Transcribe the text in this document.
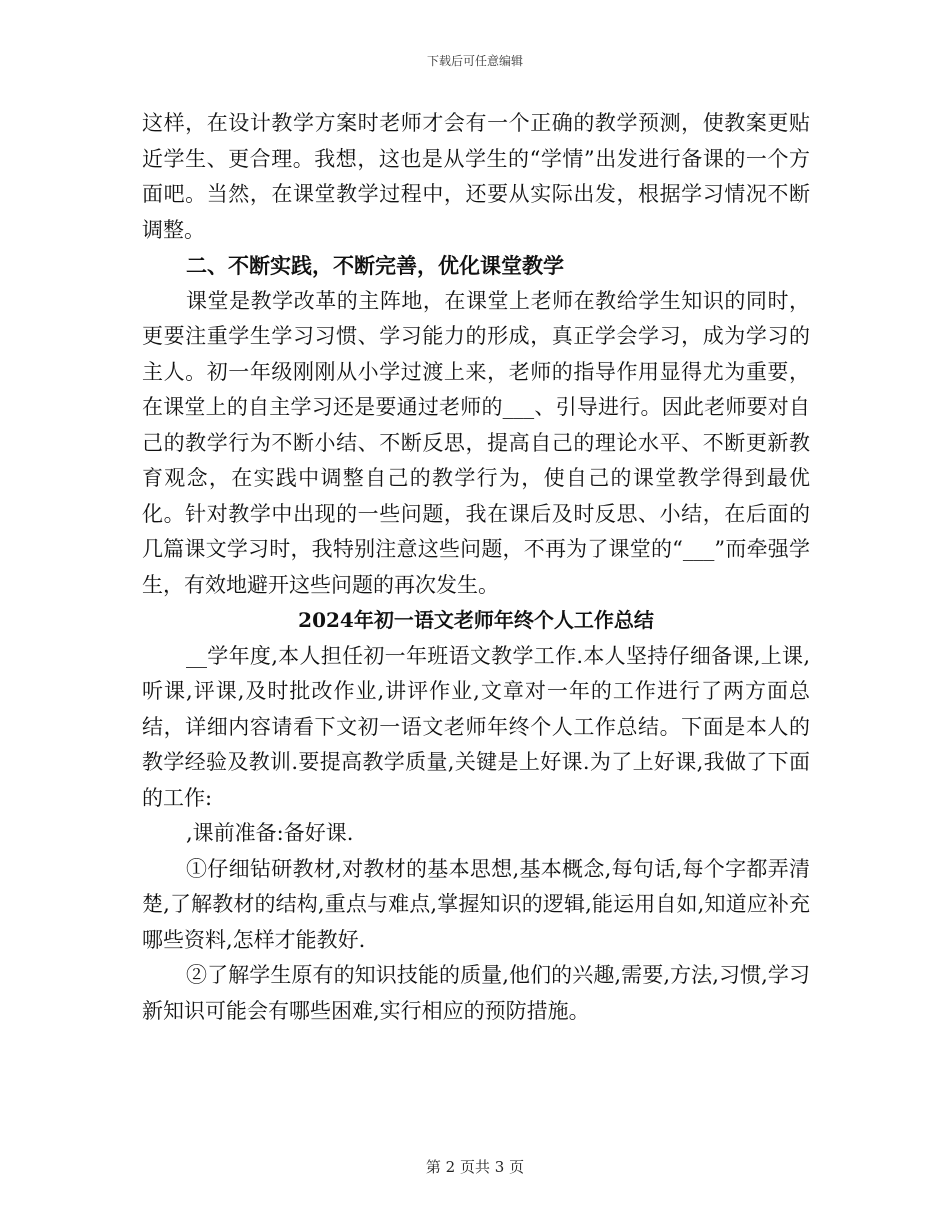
下载后可任意编辑

这样，在设计教学方案时老师才会有一个正确的教学预测，使教案更贴近学生、更合理。我想，这也是从学生的“学情”出发进行备课的一个方面吧。当然，在课堂教学过程中，还要从实际出发，根据学习情况不断调整。

二、不断实践，不断完善，优化课堂教学

课堂是教学改革的主阵地，在课堂上老师在教给学生知识的同时，更要注重学生学习习惯、学习能力的形成，真正学会学习，成为学习的主人。初一年级刚刚从小学过渡上来，老师的指导作用显得尤为重要，在课堂上的自主学习还是要通过老师的___、引导进行。因此老师要对自己的教学行为不断小结、不断反思，提高自己的理论水平、不断更新教育观念，在实践中调整自己的教学行为，使自己的课堂教学得到最优化。针对教学中出现的一些问题，我在课后及时反思、小结，在后面的几篇课文学习时，我特别注意这些问题，不再为了课堂的“___”而牵强学生，有效地避开这些问题的再次发生。

2024年初一语文老师年终个人工作总结

__学年度,本人担任初一年班语文教学工作.本人坚持仔细备课,上课,听课,评课,及时批改作业,讲评作业,文章对一年的工作进行了两方面总结，详细内容请看下文初一语文老师年终个人工作总结。下面是本人的教学经验及教训.要提高教学质量,关键是上好课.为了上好课,我做了下面的工作:

,课前准备:备好课.

①仔细钻研教材,对教材的基本思想,基本概念,每句话,每个字都弄清楚,了解教材的结构,重点与难点,掌握知识的逻辑,能运用自如,知道应补充哪些资料,怎样才能教好.

②了解学生原有的知识技能的质量,他们的兴趣,需要,方法,习惯,学习新知识可能会有哪些困难,实行相应的预防措施。

第 2 页共 3 页
